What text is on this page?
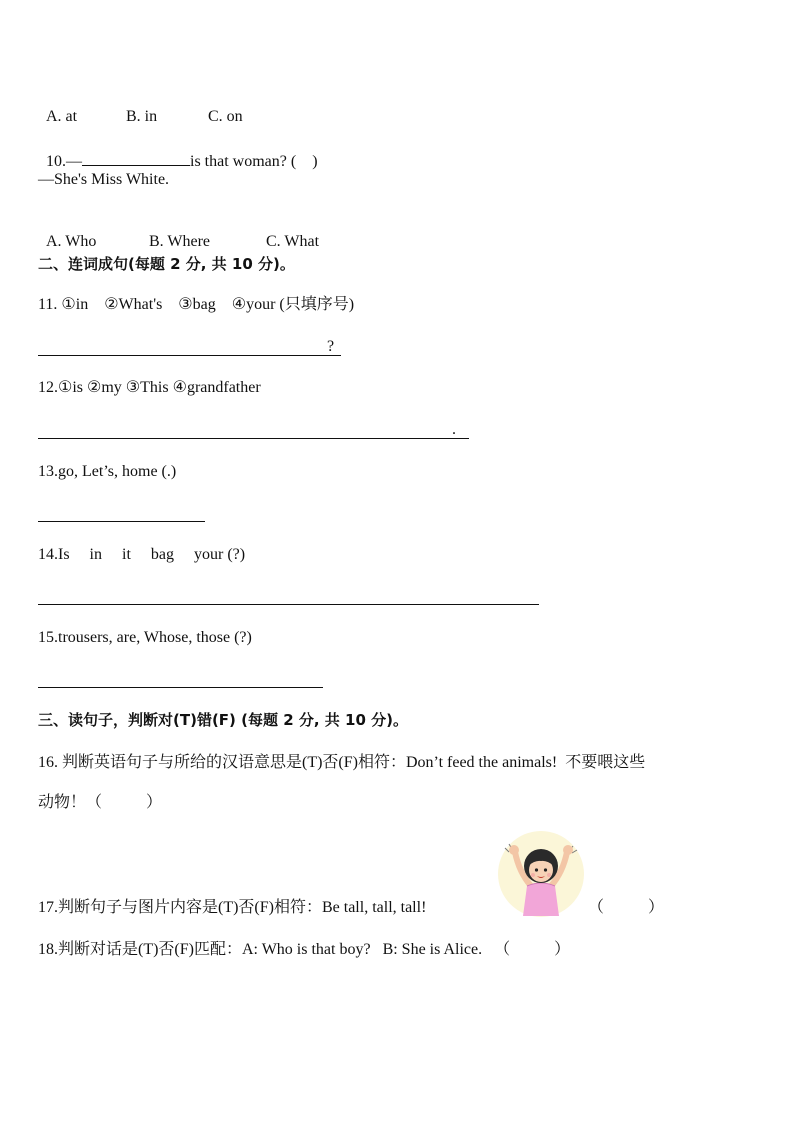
A. at	B. in	C. on

10.—	is that woman? (    )

—She's Miss White.

A. Who	B. Where	C. What

二、连词成句(每题 2 分, 共 10 分)。
11. ①in    ②What's    ③bag    ④your (只填序号)
?
12.①is ②my ③This ④grandfather
.
13.go, Let’s, home (.)
14.Is     in     it     bag     your (?)
15.trousers, are, Whose, those (?)
三、读句子，判断对(T)错(F) (每题 2 分, 共 10 分)。
16. 判断英语句子与所给的汉语意思是(T)否(F)相符：Don’t feed the animals!  不要喂这些
动物！（           ）
17.判断句子与图片内容是(T)否(F)相符：Be tall, tall, tall!	（           ）
18.判断对话是(T)否(F)匹配：A: Who is that boy?   B: She is Alice.   （           ）
